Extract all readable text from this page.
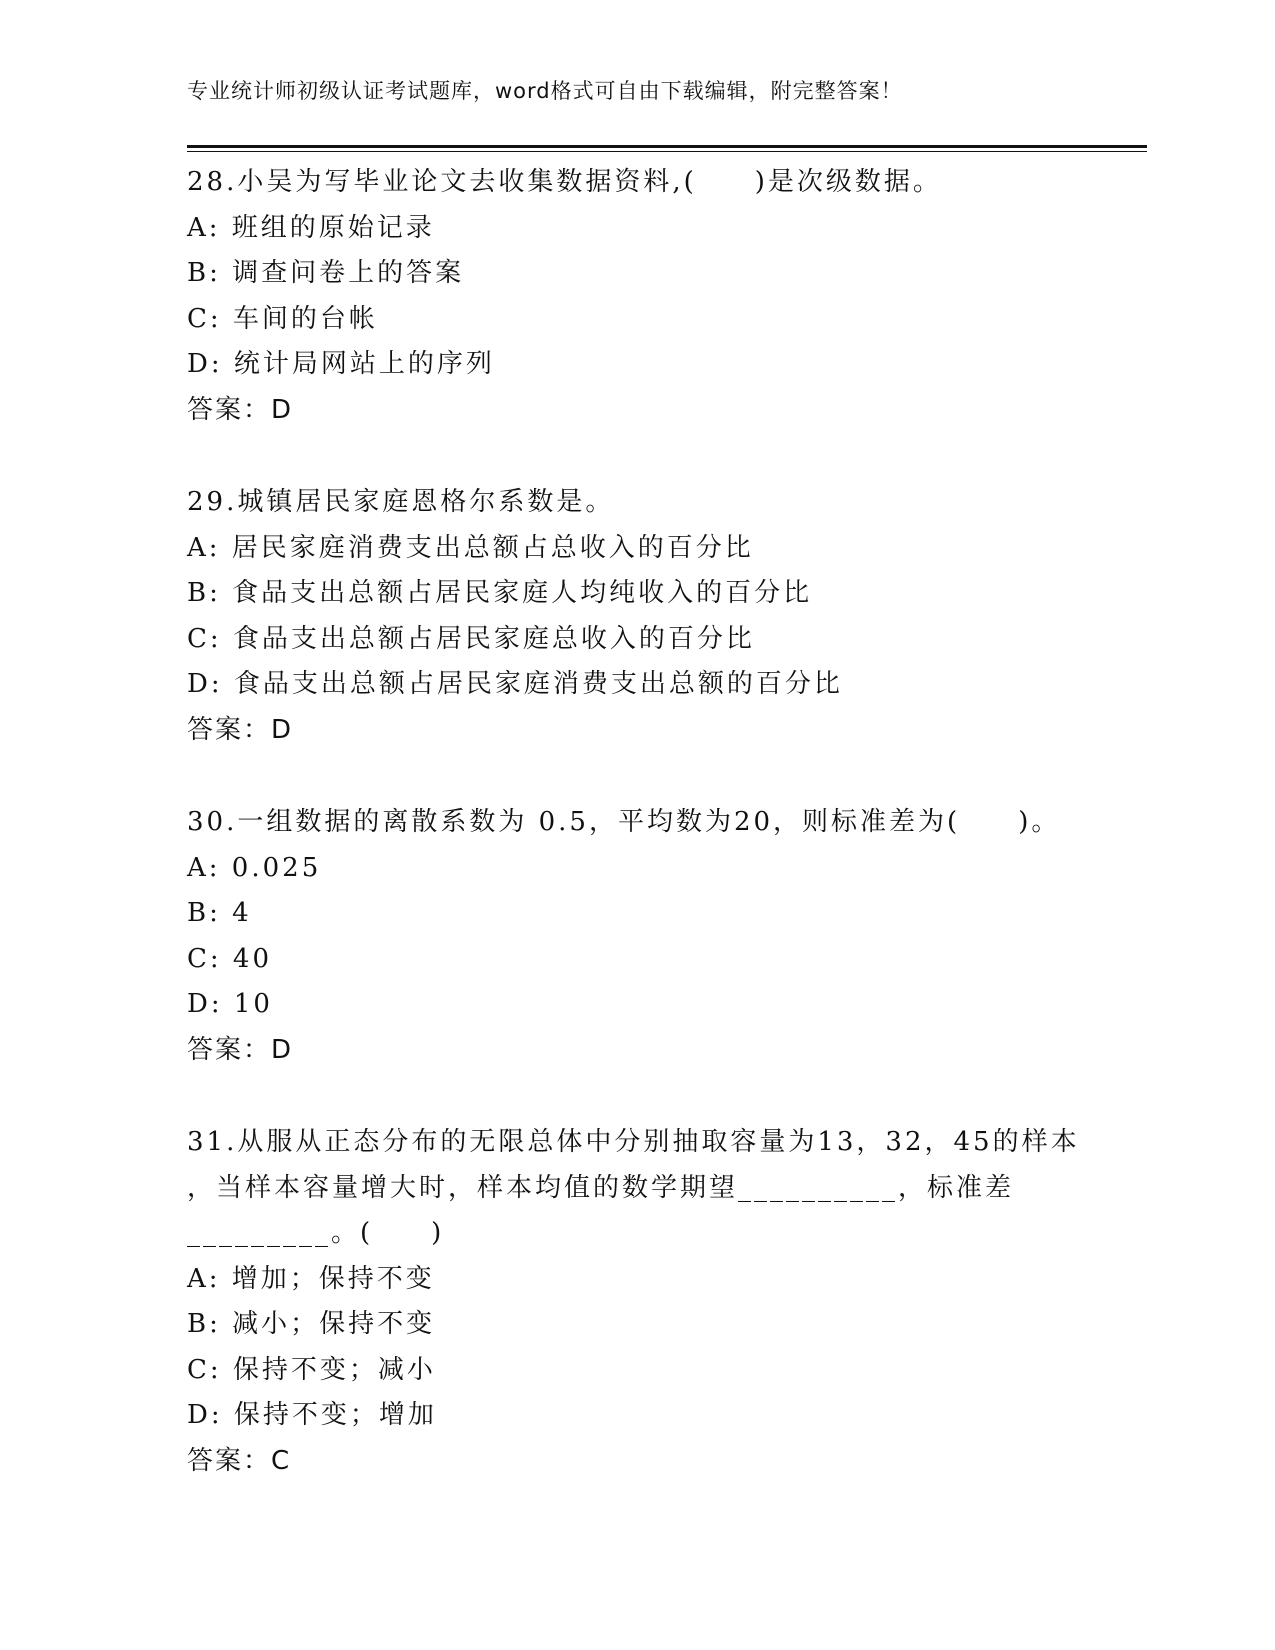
专业统计师初级认证考试题库，word格式可自由下载编辑，附完整答案！
28.小吴为写毕业论文去收集数据资料,(　　)是次级数据。
A: 班组的原始记录
B: 调查问卷上的答案
C: 车间的台帐
D: 统计局网站上的序列
答案：D
29.城镇居民家庭恩格尔系数是。
A: 居民家庭消费支出总额占总收入的百分比
B: 食品支出总额占居民家庭人均纯收入的百分比
C: 食品支出总额占居民家庭总收入的百分比
D: 食品支出总额占居民家庭消费支出总额的百分比
答案：D
30.一组数据的离散系数为 0.5，平均数为20，则标准差为(　　)。
A: 0.025
B: 4
C: 40
D: 10
答案：D
31.从服从正态分布的无限总体中分别抽取容量为13，32，45的样本
，当样本容量增大时，样本均值的数学期望__________，标准差
_________。(　　)
A: 增加；保持不变
B: 减小；保持不变
C: 保持不变；减小
D: 保持不变；增加
答案：C
